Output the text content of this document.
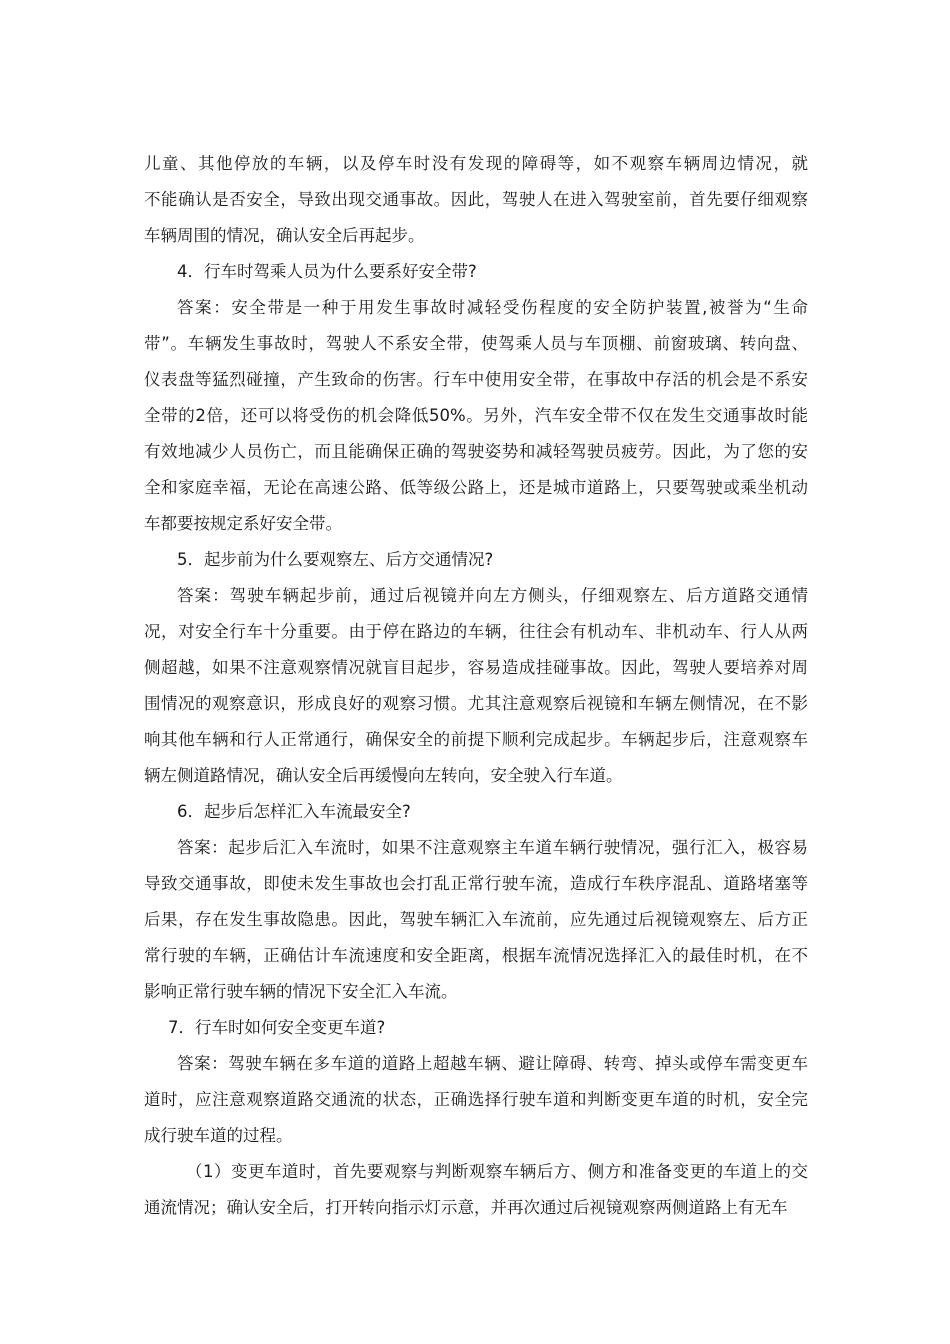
儿童、其他停放的车辆，以及停车时没有发现的障碍等，如不观察车辆周边情况，就
不能确认是否安全，导致出现交通事故。因此，驾驶人在进入驾驶室前，首先要仔细观察
车辆周围的情况，确认安全后再起步。
4．行车时驾乘人员为什么要系好安全带?
答案：安全带是一种于用发生事故时减轻受伤程度的安全防护装置,被誉为“生命
带”。车辆发生事故时，驾驶人不系安全带，使驾乘人员与车顶棚、前窗玻璃、转向盘、
仪表盘等猛烈碰撞，产生致命的伤害。行车中使用安全带，在事故中存活的机会是不系安
全带的2倍，还可以将受伤的机会降低50%。另外，汽车安全带不仅在发生交通事故时能
有效地减少人员伤亡，而且能确保正确的驾驶姿势和减轻驾驶员疲劳。因此，为了您的安
全和家庭幸福，无论在高速公路、低等级公路上，还是城市道路上，只要驾驶或乘坐机动
车都要按规定系好安全带。
5．起步前为什么要观察左、后方交通情况?
答案：驾驶车辆起步前，通过后视镜并向左方侧头，仔细观察左、后方道路交通情
况，对安全行车十分重要。由于停在路边的车辆，往往会有机动车、非机动车、行人从两
侧超越，如果不注意观察情况就盲目起步，容易造成挂碰事故。因此，驾驶人要培养对周
围情况的观察意识，形成良好的观察习惯。尤其注意观察后视镜和车辆左侧情况，在不影
响其他车辆和行人正常通行，确保安全的前提下顺利完成起步。车辆起步后，注意观察车
辆左侧道路情况，确认安全后再缓慢向左转向，安全驶入行车道。
6．起步后怎样汇入车流最安全?
答案：起步后汇入车流时，如果不注意观察主车道车辆行驶情况，强行汇入，极容易
导致交通事故，即使未发生事故也会打乱正常行驶车流，造成行车秩序混乱、道路堵塞等
后果，存在发生事故隐患。因此，驾驶车辆汇入车流前，应先通过后视镜观察左、后方正
常行驶的车辆，正确估计车流速度和安全距离，根据车流情况选择汇入的最佳时机，在不
影响正常行驶车辆的情况下安全汇入车流。
7．行车时如何安全变更车道?
答案：驾驶车辆在多车道的道路上超越车辆、避让障碍、转弯、掉头或停车需变更车
道时，应注意观察道路交通流的状态，正确选择行驶车道和判断变更车道的时机，安全完
成行驶车道的过程。
（1）变更车道时，首先要观察与判断观察车辆后方、侧方和准备变更的车道上的交
通流情况；确认安全后，打开转向指示灯示意，并再次通过后视镜观察两侧道路上有无车
